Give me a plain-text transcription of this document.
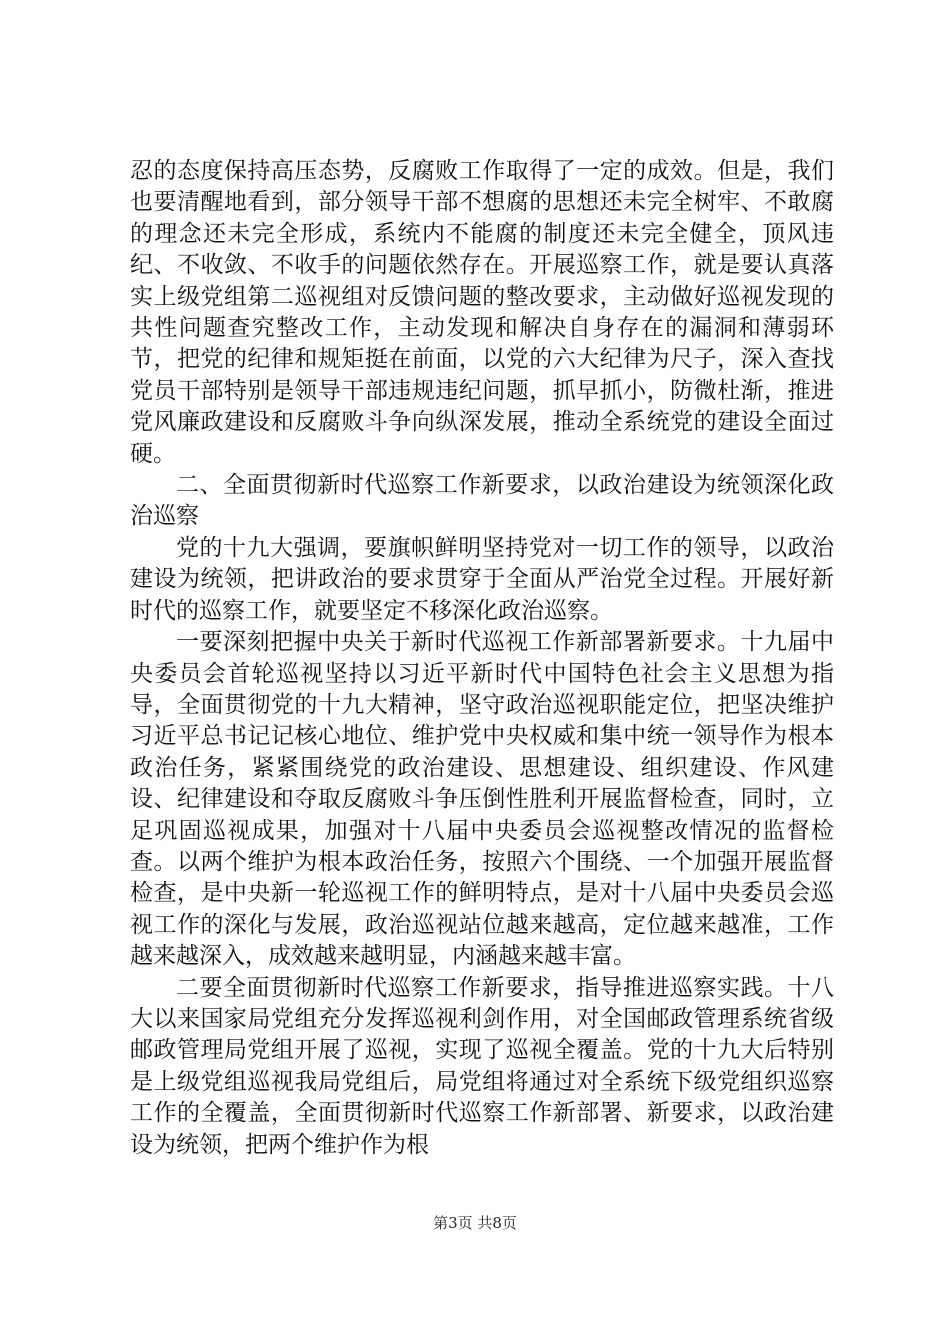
忍的态度保持高压态势，反腐败工作取得了一定的成效。但是，我们也要清醒地看到，部分领导干部不想腐的思想还未完全树牢、不敢腐的理念还未完全形成，系统内不能腐的制度还未完全健全，顶风违纪、不收敛、不收手的问题依然存在。开展巡察工作，就是要认真落实上级党组第二巡视组对反馈问题的整改要求，主动做好巡视发现的共性问题查究整改工作，主动发现和解决自身存在的漏洞和薄弱环节，把党的纪律和规矩挺在前面，以党的六大纪律为尺子，深入查找党员干部特别是领导干部违规违纪问题，抓早抓小，防微杜渐，推进党风廉政建设和反腐败斗争向纵深发展，推动全系统党的建设全面过硬。

二、全面贯彻新时代巡察工作新要求，以政治建设为统领深化政治巡察

党的十九大强调，要旗帜鲜明坚持党对一切工作的领导，以政治建设为统领，把讲政治的要求贯穿于全面从严治党全过程。开展好新时代的巡察工作，就要坚定不移深化政治巡察。

一要深刻把握中央关于新时代巡视工作新部署新要求。十九届中央委员会首轮巡视坚持以习近平新时代中国特色社会主义思想为指导，全面贯彻党的十九大精神，坚守政治巡视职能定位，把坚决维护习近平总书记记核心地位、维护党中央权威和集中统一领导作为根本政治任务，紧紧围绕党的政治建设、思想建设、组织建设、作风建设、纪律建设和夺取反腐败斗争压倒性胜利开展监督检查，同时，立足巩固巡视成果，加强对十八届中央委员会巡视整改情况的监督检查。以两个维护为根本政治任务，按照六个围绕、一个加强开展监督检查，是中央新一轮巡视工作的鲜明特点，是对十八届中央委员会巡视工作的深化与发展，政治巡视站位越来越高，定位越来越准，工作越来越深入，成效越来越明显，内涵越来越丰富。

二要全面贯彻新时代巡察工作新要求，指导推进巡察实践。十八大以来国家局党组充分发挥巡视利剑作用，对全国邮政管理系统省级邮政管理局党组开展了巡视，实现了巡视全覆盖。党的十九大后特别是上级党组巡视我局党组后，局党组将通过对全系统下级党组织巡察工作的全覆盖，全面贯彻新时代巡察工作新部署、新要求，以政治建设为统领，把两个维护作为根

第3页 共8页
